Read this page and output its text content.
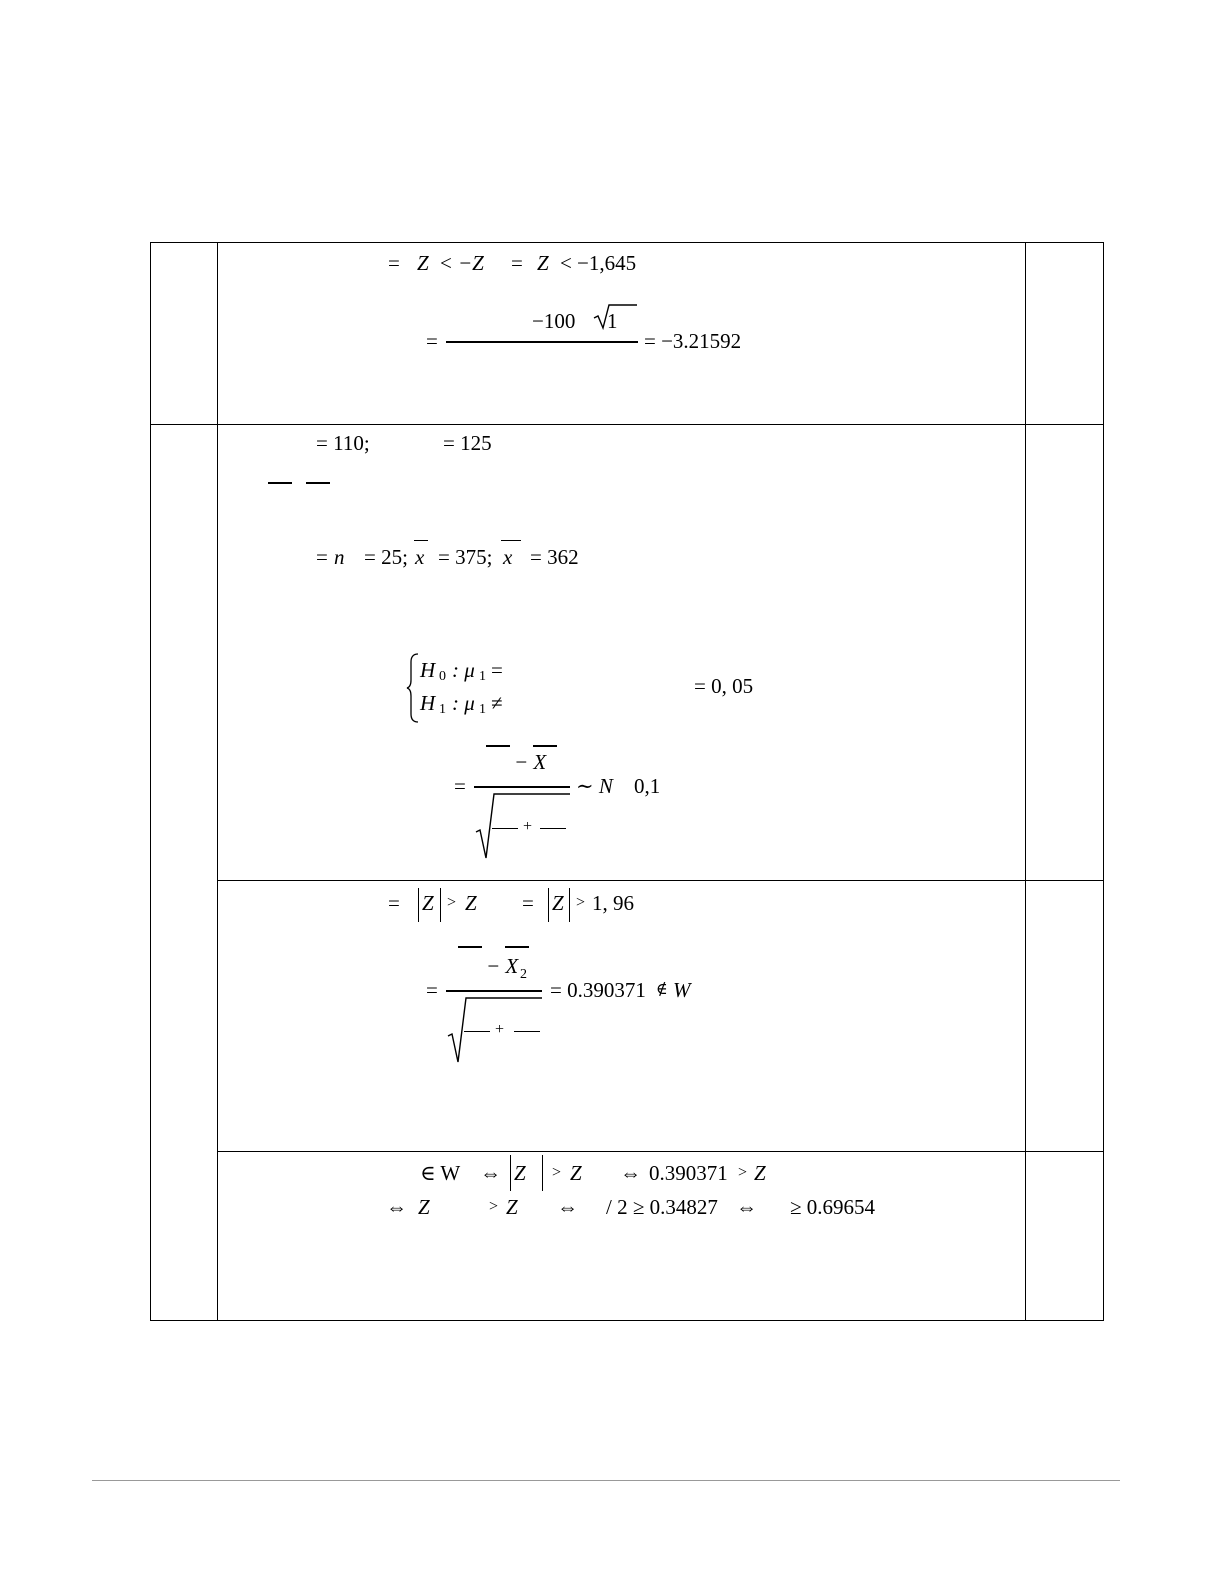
= Z < −Z = Z < −1,645
−100 1
=	= −3.21592
= 110;	= 125
= n = 25; x = 375; x = 362
H 0 : μ 1 =
H 1 : μ 1 ≠
= 0, 05
− X
=	∼ N 0,1
+
= Z > Z = Z > 1, 96
− X 2
=	= 0.390371 ∉ W
+
∈ W ⇔ Z > Z ⇔ 0.390371 > Z
⇔ Z	> Z ⇔ / 2 ≥ 0.34827 ⇔ ≥ 0.69654
